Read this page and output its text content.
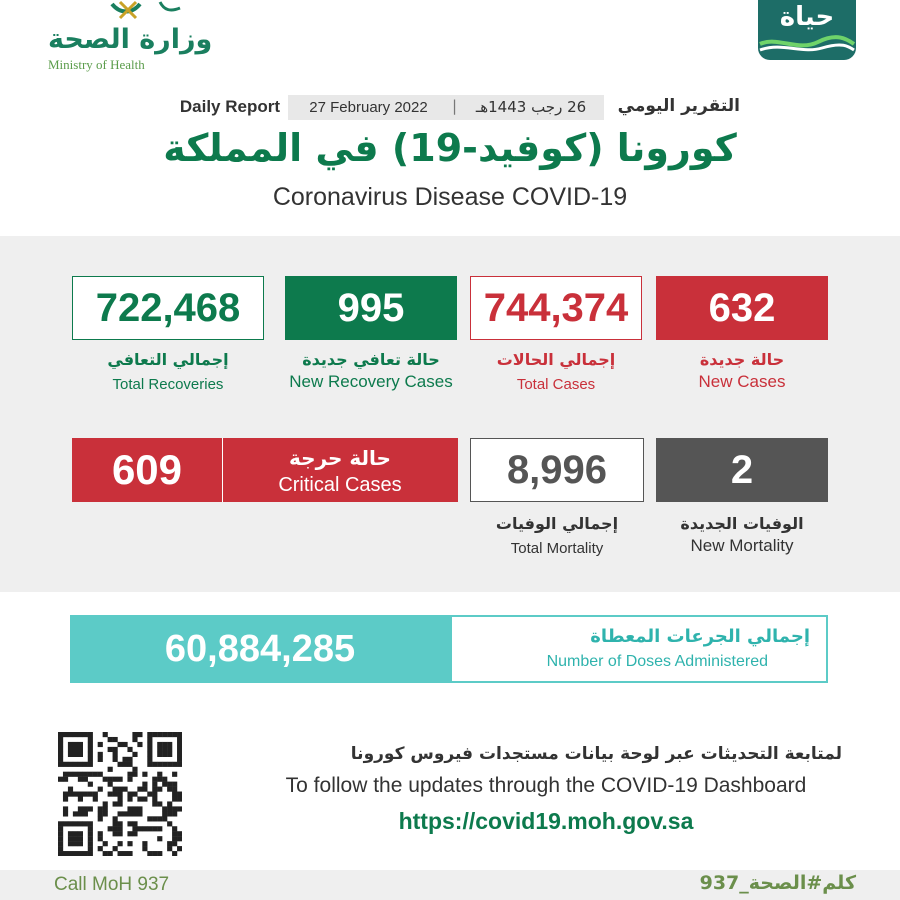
وزارة الصحة
Ministry of Health
حياة
Daily Report	27 February 2022	|	26 رجب 1443هـ	التقرير اليومي
كورونا (كوفيد-19) في المملكة
Coronavirus Disease COVID-19
632
حالة جديدة
New Cases
744,374
إجمالي الحالات
Total Cases
995
حالة تعافي جديدة
New Recovery Cases
722,468
إجمالي التعافي
Total Recoveries
2
الوفيات الجديدة
New Mortality
8,996
إجمالي الوفيات
Total Mortality
609	حالة حرجة
Critical Cases
60,884,285	إجمالي الجرعات المعطاة
Number of Doses Administered
لمتابعة التحديثات عبر لوحة بيانات مستجدات فيروس كورونا
To follow the updates through the COVID-19 Dashboard
https://covid19.moh.gov.sa
Call MoH 937	كلم#الصحة_937
